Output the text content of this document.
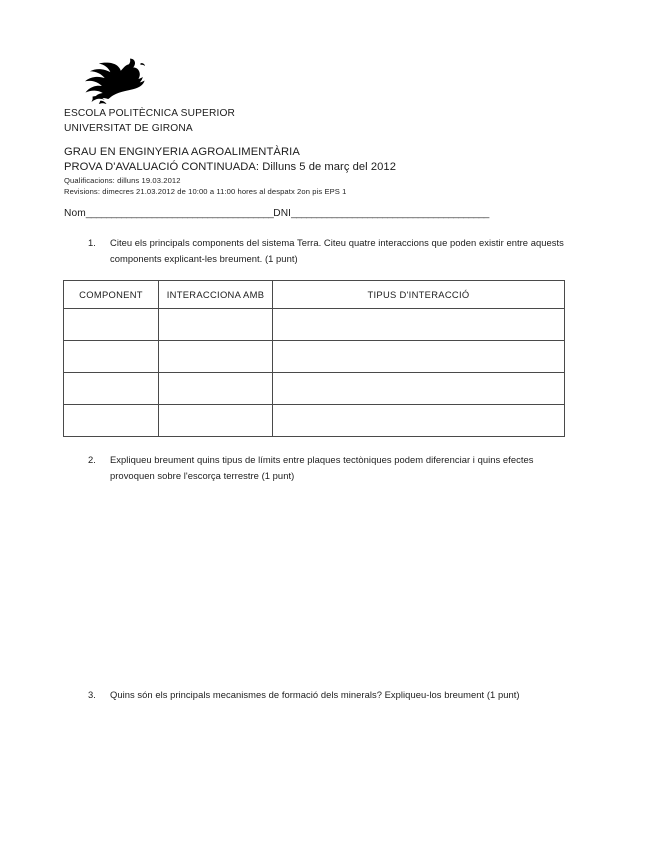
ESCOLA POLITÈCNICA SUPERIOR
UNIVERSITAT DE GIRONA
GRAU EN ENGINYERIA AGROALIMENTÀRIA
PROVA D'AVALUACIÓ CONTINUADA: Dilluns 5 de març del 2012
Qualificacions: dilluns 19.03.2012
Revisions: dimecres 21.03.2012 de 10:00 a 11:00 hores al despatx 2on pis EPS 1
Nom_____________________________________DNI_______________________________________
1.	Citeu els principals components del sistema Terra. Citeu quatre interaccions que poden existir entre aquests components explicant-les breument. (1 punt)
COMPONENT	INTERACCIONA AMB	TIPUS D'INTERACCIÓ

2.	Expliqueu breument quins tipus de límits entre plaques tectòniques podem diferenciar i quins efectes provoquen sobre l'escorça terrestre (1 punt)
3.	Quins són els principals mecanismes de formació dels minerals? Expliqueu-los breument (1 punt)
